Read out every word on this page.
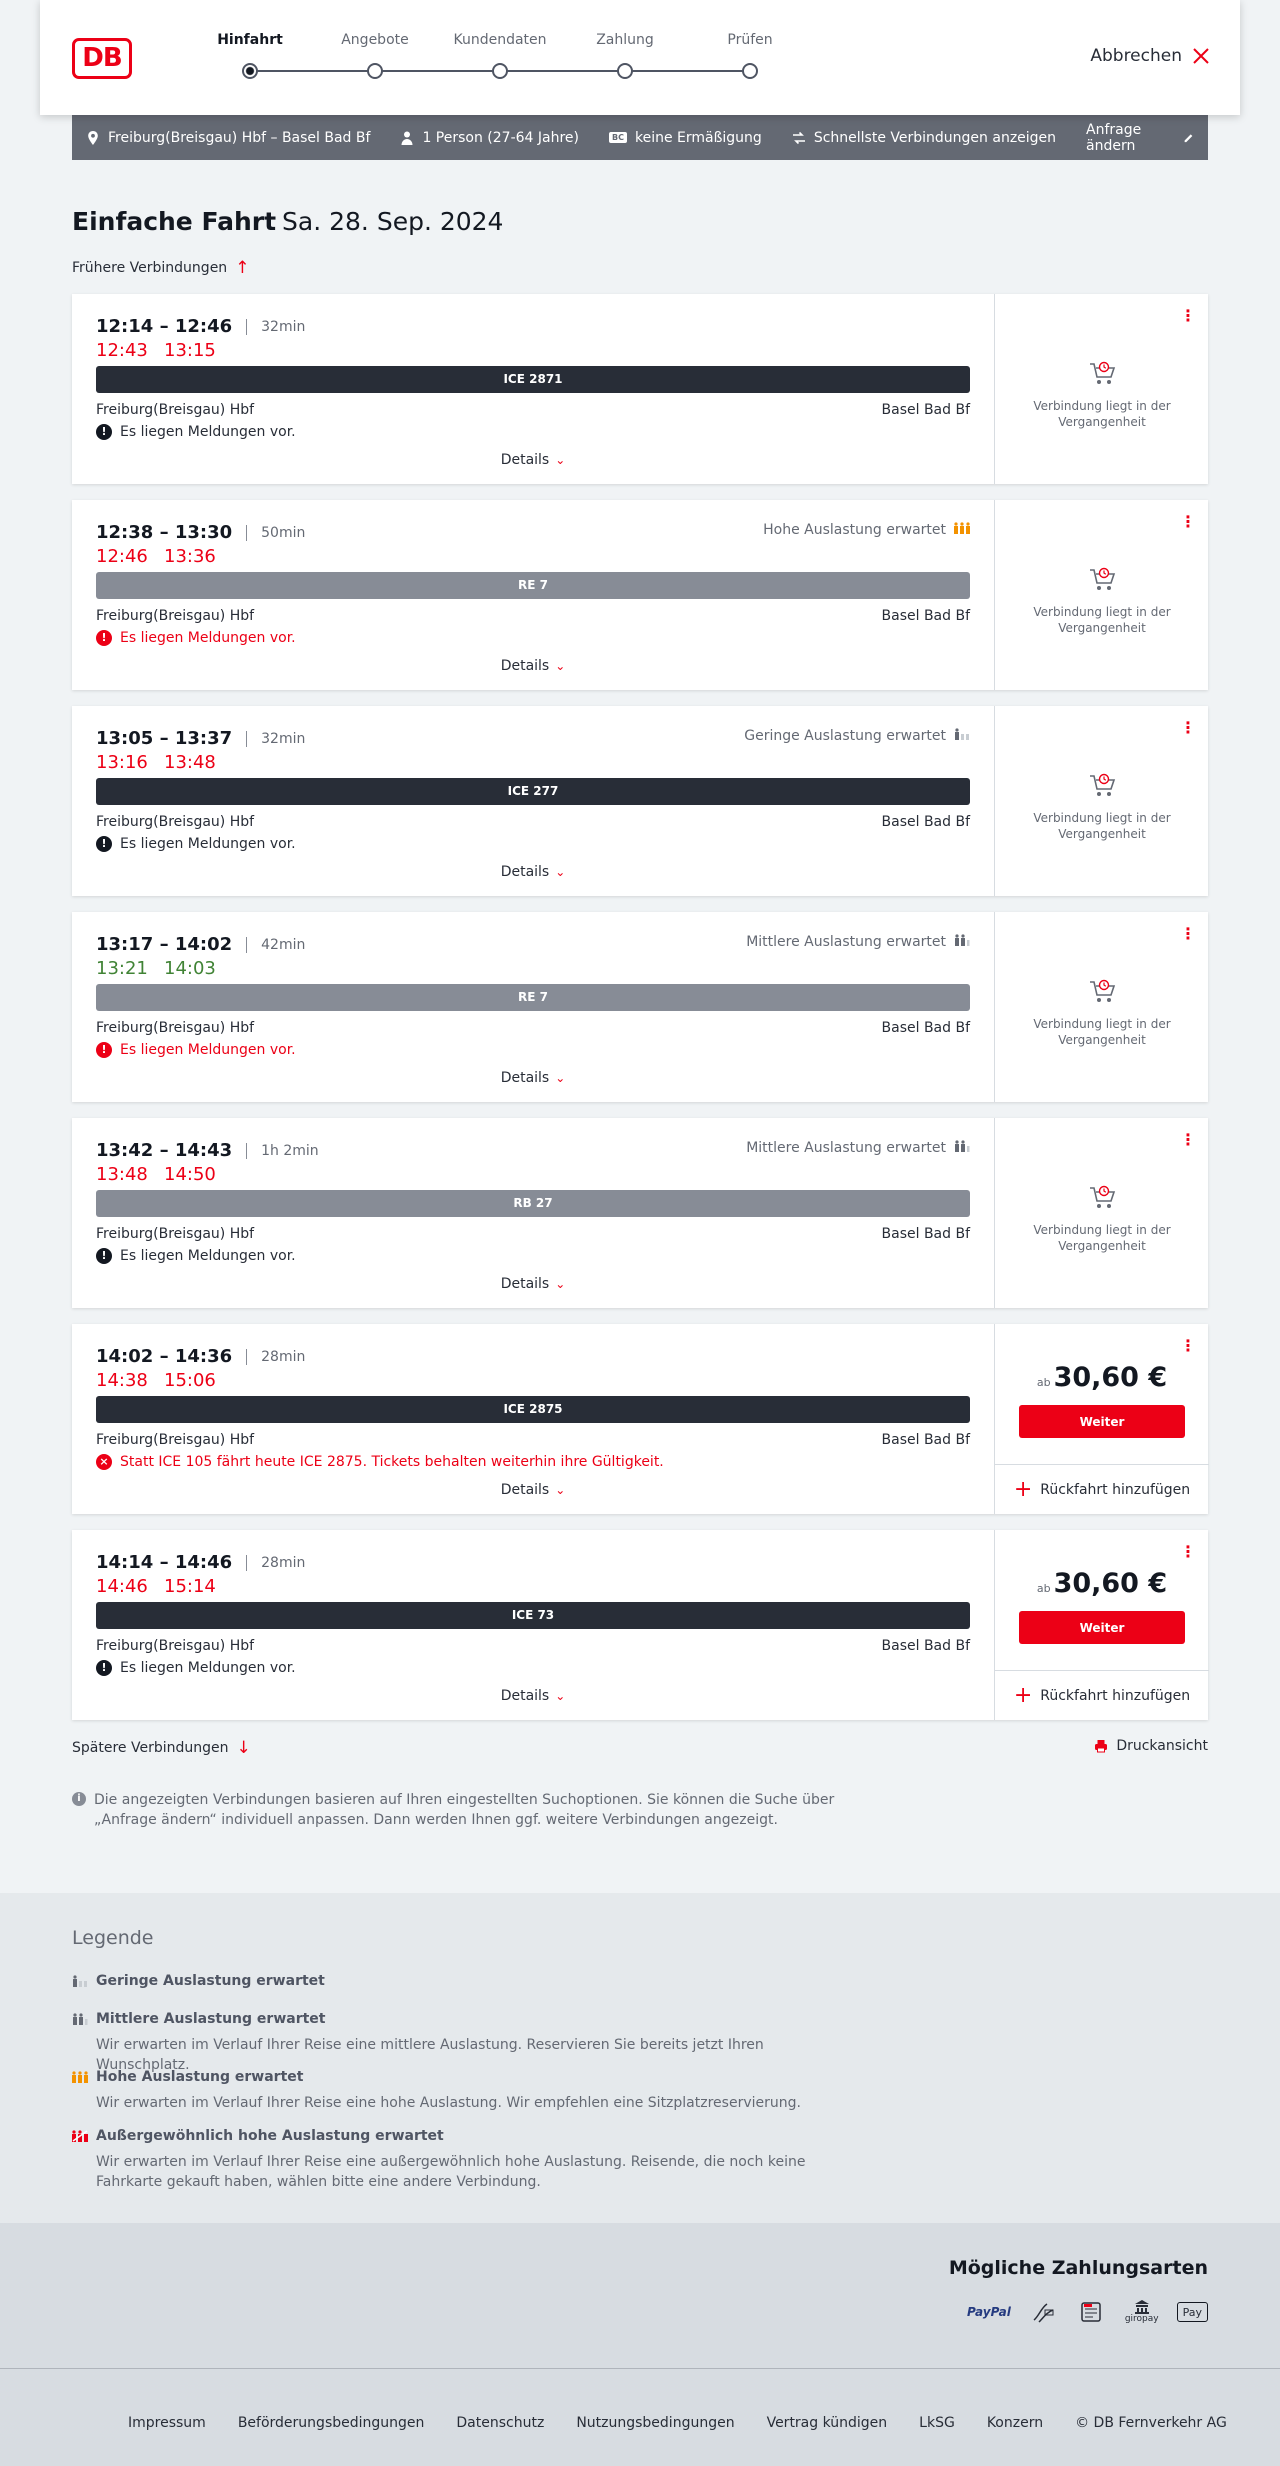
DB
Hinfahrt	Angebote	Kundendaten	Zahlung	Prüfen
Abbrechen
Freiburg(Breisgau) Hbf – Basel Bad Bf	1 Person (27-64 Jahre)	BC keine Ermäßigung	Schnellste Verbindungen anzeigen Anfrage ändern
Einfache Fahrt Sa. 28. Sep. 2024
Frühere Verbindungen ↑
12:14 – 12:46 32min
12:43 13:15
ICE 2871
Freiburg(Breisgau) Hbf	Basel Bad Bf
! Es liegen Meldungen vor.
Details ⌄
⋮
Verbindung liegt in der Vergangenheit
12:38 – 13:30 50min
12:46 13:36
Hohe Auslastung erwartet
RE 7
Freiburg(Breisgau) Hbf	Basel Bad Bf
! Es liegen Meldungen vor.
Details ⌄
⋮
Verbindung liegt in der Vergangenheit
13:05 – 13:37 32min
13:16 13:48
Geringe Auslastung erwartet
ICE 277
Freiburg(Breisgau) Hbf	Basel Bad Bf
! Es liegen Meldungen vor.
Details ⌄
⋮
Verbindung liegt in der Vergangenheit
13:17 – 14:02 42min
13:21 14:03
Mittlere Auslastung erwartet
RE 7
Freiburg(Breisgau) Hbf	Basel Bad Bf
! Es liegen Meldungen vor.
Details ⌄
⋮
Verbindung liegt in der Vergangenheit
13:42 – 14:43 1h 2min
13:48 14:50
Mittlere Auslastung erwartet
RB 27
Freiburg(Breisgau) Hbf	Basel Bad Bf
! Es liegen Meldungen vor.
Details ⌄
⋮
Verbindung liegt in der Vergangenheit
14:02 – 14:36 28min
14:38 15:06
ICE 2875
Freiburg(Breisgau) Hbf	Basel Bad Bf
× Statt ICE 105 fährt heute ICE 2875. Tickets behalten weiterhin ihre Gültigkeit.
Details ⌄
⋮
ab 30,60 €
Weiter
+ Rückfahrt hinzufügen
14:14 – 14:46 28min
14:46 15:14
ICE 73
Freiburg(Breisgau) Hbf	Basel Bad Bf
! Es liegen Meldungen vor.
Details ⌄
⋮
ab 30,60 €
Weiter
+ Rückfahrt hinzufügen
Spätere Verbindungen ↓	Druckansicht
i Die angezeigten Verbindungen basieren auf Ihren eingestellten Suchoptionen. Sie können die Suche über „Anfrage ändern“ individuell anpassen. Dann werden Ihnen ggf. weitere Verbindungen angezeigt.
Legende
Geringe Auslastung erwartet
Mittlere Auslastung erwartet

Wir erwarten im Verlauf Ihrer Reise eine mittlere Auslastung. Reservieren Sie bereits jetzt Ihren Wunschplatz.

Hohe Auslastung erwartet

Wir erwarten im Verlauf Ihrer Reise eine hohe Auslastung. Wir empfehlen eine Sitzplatzreservierung.

Außergewöhnlich hohe Auslastung erwartet

Wir erwarten im Verlauf Ihrer Reise eine außergewöhnlich hohe Auslastung. Reisende, die noch keine Fahrkarte gekauft haben, wählen bitte eine andere Verbindung.

Mögliche Zahlungsarten
PayPal	giropay
Pay
Impressum Beförderungsbedingungen Datenschutz Nutzungsbedingungen Vertrag kündigen LkSG Konzern © DB Fernverkehr AG
